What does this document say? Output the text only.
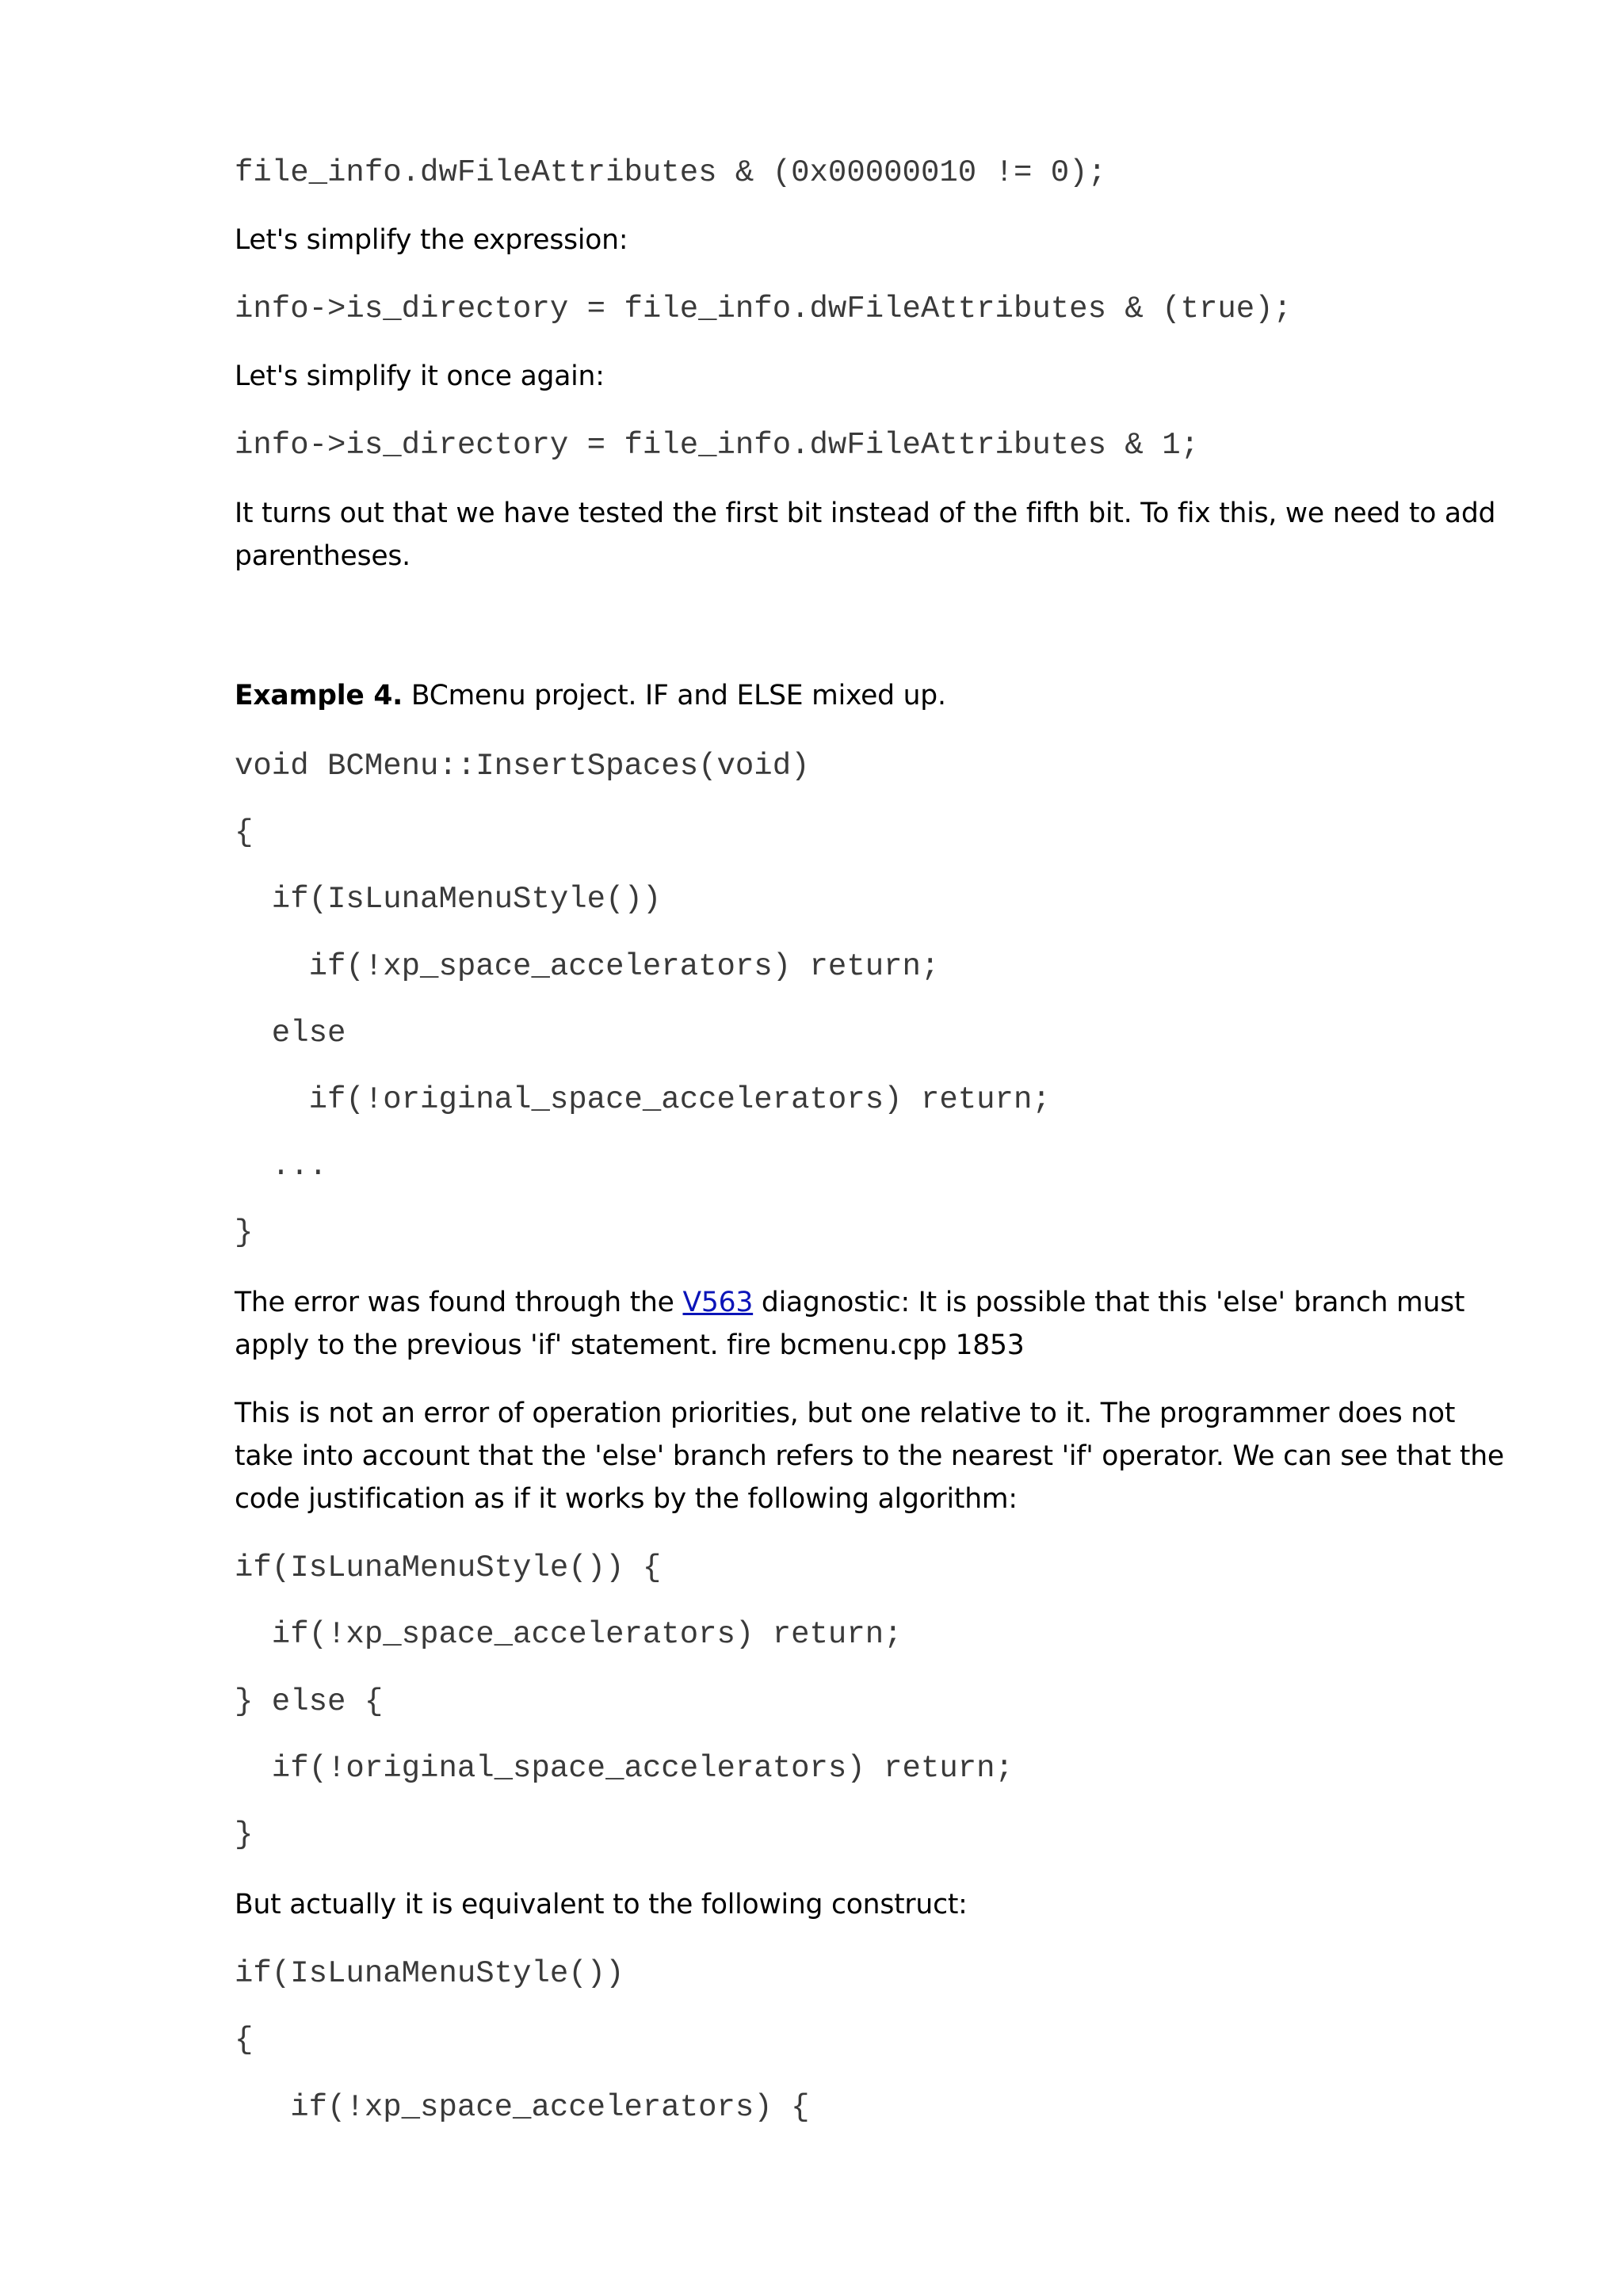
file_info.dwFileAttributes & (0x00000010 != 0);
Let's simplify the expression:
info->is_directory = file_info.dwFileAttributes & (true);
Let's simplify it once again:
info->is_directory = file_info.dwFileAttributes & 1;
It turns out that we have tested the first bit instead of the fifth bit. To fix this, we need to add parentheses.
Example 4. BCmenu project. IF and ELSE mixed up.
void BCMenu::InsertSpaces(void)
{
if(IsLunaMenuStyle())
if(!xp_space_accelerators) return;
else
if(!original_space_accelerators) return;
...
}
The error was found through the V563 diagnostic: It is possible that this 'else' branch must apply to the previous 'if' statement. fire bcmenu.cpp 1853
This is not an error of operation priorities, but one relative to it. The programmer does not take into account that the 'else' branch refers to the nearest 'if' operator. We can see that the code justification as if it works by the following algorithm:
if(IsLunaMenuStyle()) {
if(!xp_space_accelerators) return;
} else {
if(!original_space_accelerators) return;
}
But actually it is equivalent to the following construct:
if(IsLunaMenuStyle())
{
if(!xp_space_accelerators) {
